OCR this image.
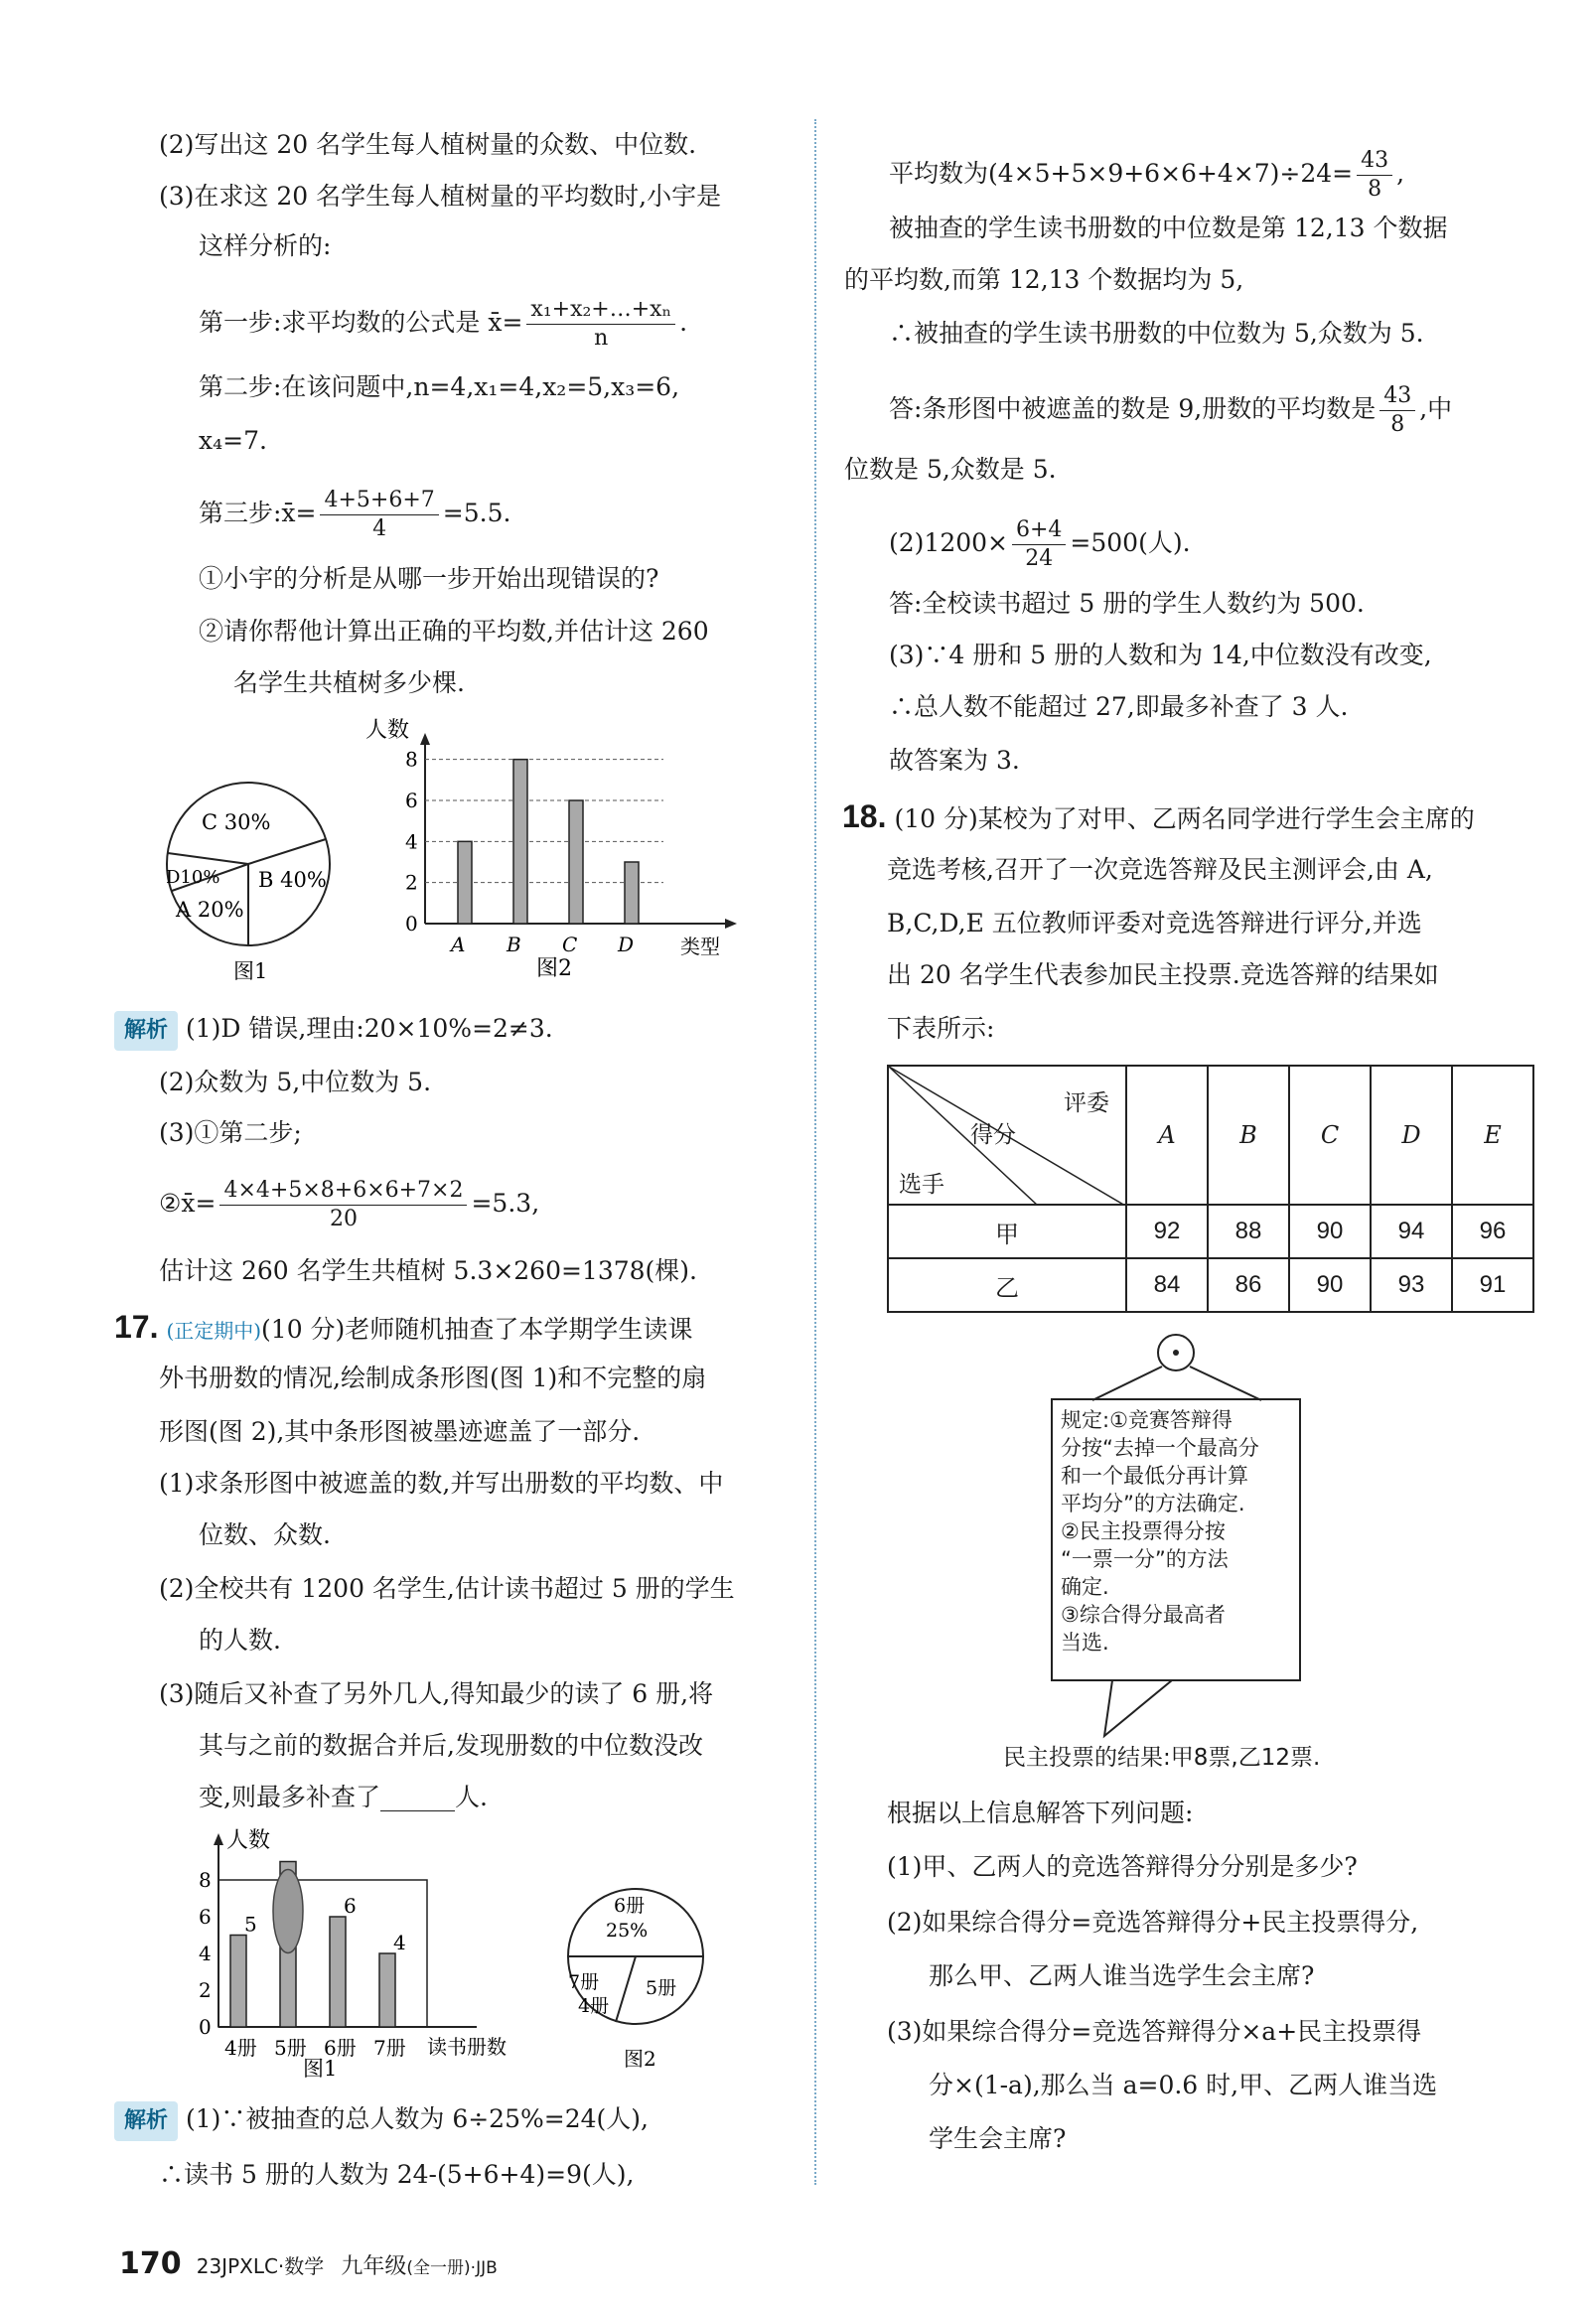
(2)写出这 20 名学生每人植树量的众数、中位数.
(3)在求这 20 名学生每人植树量的平均数时,小宇是
这样分析的:
第一步:求平均数的公式是 x̄= $\frac{\text{x₁+x₂+…+xₙ}}{n}$ .
第二步:在该问题中,n=4,x₁=4,x₂=5,x₃=6,
x₄=7.
第三步:x̄= $\frac{4+5+6+7}{4} =5.5$.
①小宇的分析是从哪一步开始出现错误的?
②请你帮他计算出正确的平均数,并估计这 260
名学生共植树多少棵.
C 30%
D10%
A 20%
B 40%
图1
人数
类型
图2
0
2
4
6
8
A B C D
解析 (1)D 错误,理由:20×10%=2≠3.
(2)众数为 5,中位数为 5.
(3)①第二步;
②x̄= $\frac{4\times 4+5\times 8+6\times 6+7\times 2}{20} =5.3$,
估计这 260 名学生共植树 5.3×260=1378(棵).
17. (正定期中)(10 分)老师随机抽查了本学期学生读课
外书册数的情况,绘制成条形图(图 1)和不完整的扇
形图(图 2),其中条形图被墨迹遮盖了一部分.
(1)求条形图中被遮盖的数,并写出册数的平均数、中
位数、众数.
(2)全校共有 1200 名学生,估计读书超过 5 册的学生
的人数.
(3)随后又补查了另外几人,得知最少的读了 6 册,将
其与之前的数据合并后,发现册数的中位数没改
变,则最多补查了______人.
人数
读书册数
图1
0
2
4
6
8
4册
5
5册 6册
6
7册
4
6册
25%
7册
4册
5册
图2
解析 (1)∵被抽查的总人数为 6÷25%=24(人),
∴读书 5 册的人数为 24-(5+6+4)=9(人),
平均数为$(4\times 5+5\times 9+6\times 6+4\times 7)\div 24= \frac{43}{8}$ ,
被抽查的学生读书册数的中位数是第 12,13 个数据
的平均数,而第 12,13 个数据均为 5,
∴被抽查的学生读书册数的中位数为 5,众数为 5.
答:条形图中被遮盖的数是 9,册数的平均数是 $\frac{43}{8}$ ,中
位数是 5,众数是 5.
$(2)1200\times \frac{6+4}{24} =500$(人).
答:全校读书超过 5 册的学生人数约为 500.
(3)∵4 册和 5 册的人数和为 14,中位数没有改变,
∴总人数不能超过 27,即最多补查了 3 人.
故答案为 3.
18. (10 分)某校为了对甲、乙两名同学进行学生会主席的
竞选考核,召开了一次竞选答辩及民主测评会,由 A,
B,C,D,E 五位教师评委对竞选答辩进行评分,并选
出 20 名学生代表参加民主投票.竞选答辩的结果如
下表所示:
评委
得分
选手	A	B	C	D	E
甲	92	88	90	94	96
乙	84	86	90	93	91
规定:①竞赛答辩得
分按“去掉一个最高分
和一个最低分再计算
平均分”的方法确定.
②民主投票得分按
“一票一分”的方法
确定.
③综合得分最高者
当选.
民主投票的结果:甲8票,乙12票.
根据以上信息解答下列问题:
(1)甲、乙两人的竞选答辩得分分别是多少?
(2)如果综合得分=竞选答辩得分+民主投票得分,
那么甲、乙两人谁当选学生会主席?
(3)如果综合得分=竞选答辩得分×a+民主投票得
分×(1-a),那么当 a=0.6 时,甲、乙两人谁当选
学生会主席?
170 23JPXLC·数学 九年级(全一册)·JJB
